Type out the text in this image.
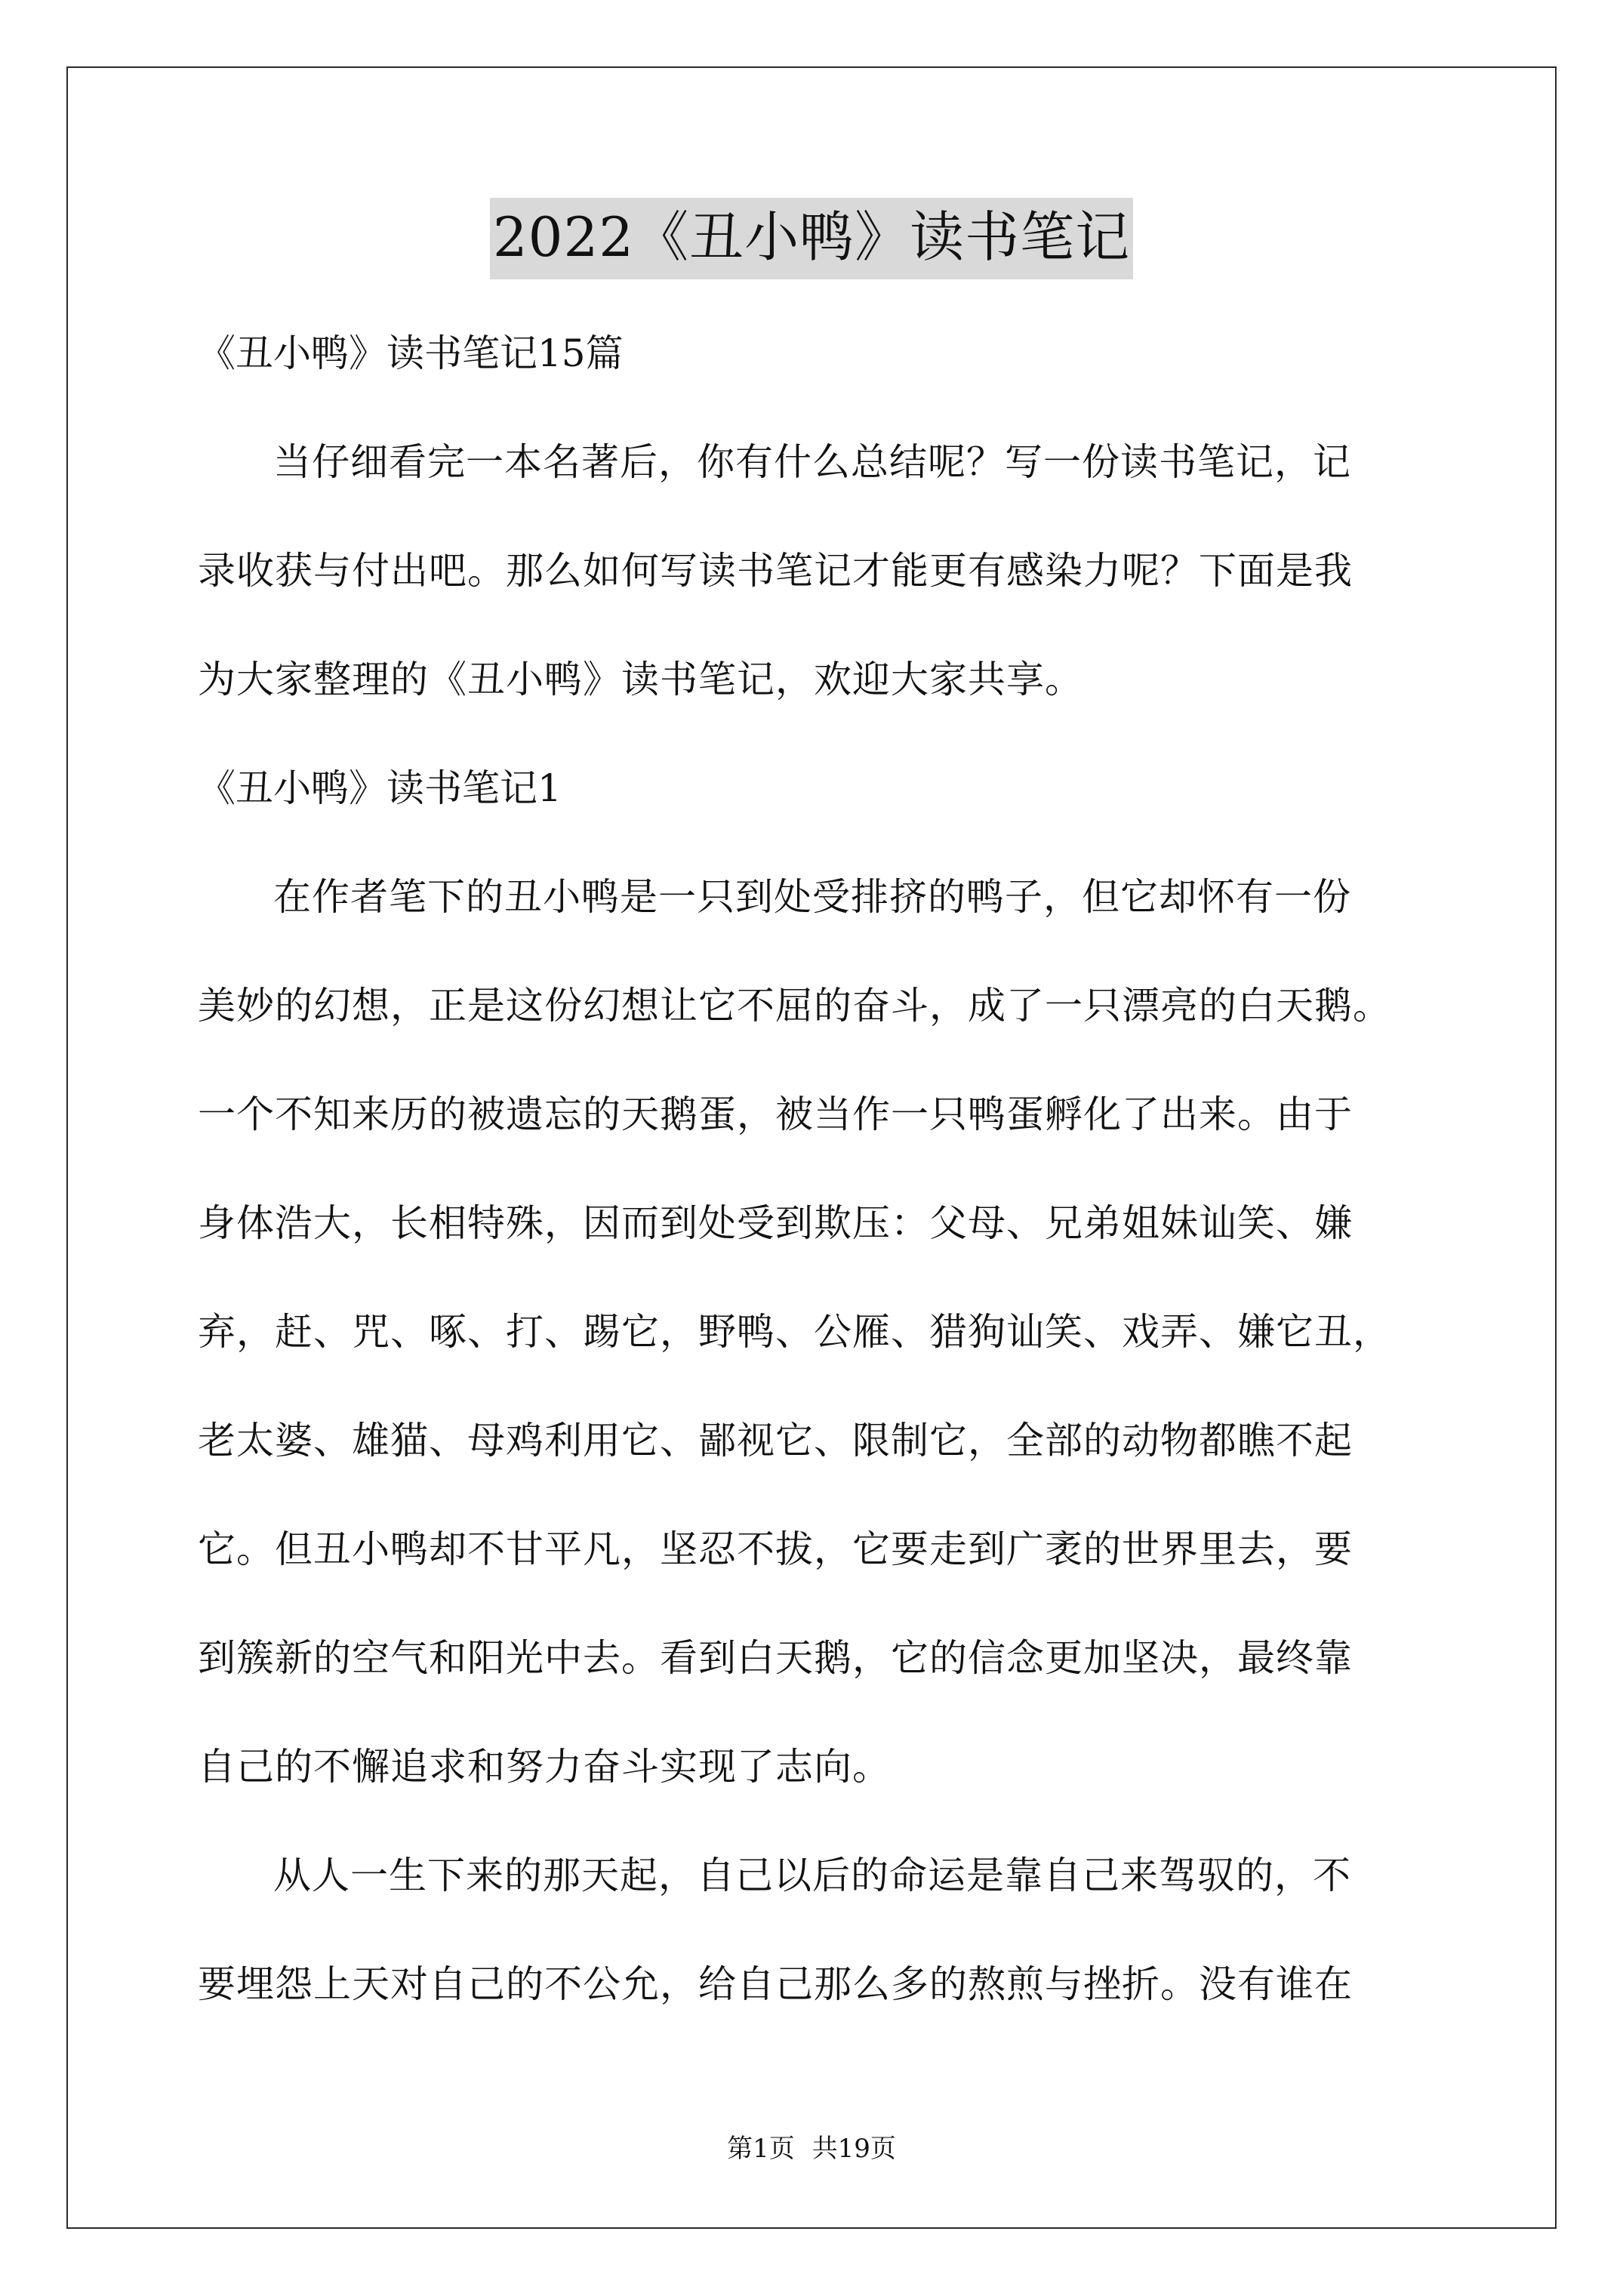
2022《丑小鸭》读书笔记

《丑小鸭》读书笔记15篇

当仔细看完一本名著后，你有什么总结呢？写一份读书笔记，记
录收获与付出吧。那么如何写读书笔记才能更有感染力呢？下面是我
为大家整理的《丑小鸭》读书笔记，欢迎大家共享。

《丑小鸭》读书笔记1

在作者笔下的丑小鸭是一只到处受排挤的鸭子，但它却怀有一份
美妙的幻想，正是这份幻想让它不屈的奋斗，成了一只漂亮的白天鹅。
一个不知来历的被遗忘的天鹅蛋，被当作一只鸭蛋孵化了出来。由于
身体浩大，长相特殊，因而到处受到欺压：父母、兄弟姐妹讪笑、嫌
弃，赶、咒、啄、打、踢它，野鸭、公雁、猎狗讪笑、戏弄、嫌它丑，
老太婆、雄猫、母鸡利用它、鄙视它、限制它，全部的动物都瞧不起
它。但丑小鸭却不甘平凡，坚忍不拔，它要走到广袤的世界里去，要
到簇新的空气和阳光中去。看到白天鹅，它的信念更加坚决，最终靠
自己的不懈追求和努力奋斗实现了志向。
从人一生下来的那天起，自己以后的命运是靠自己来驾驭的，不
要埋怨上天对自己的不公允，给自己那么多的熬煎与挫折。没有谁在
第1页 共19页
